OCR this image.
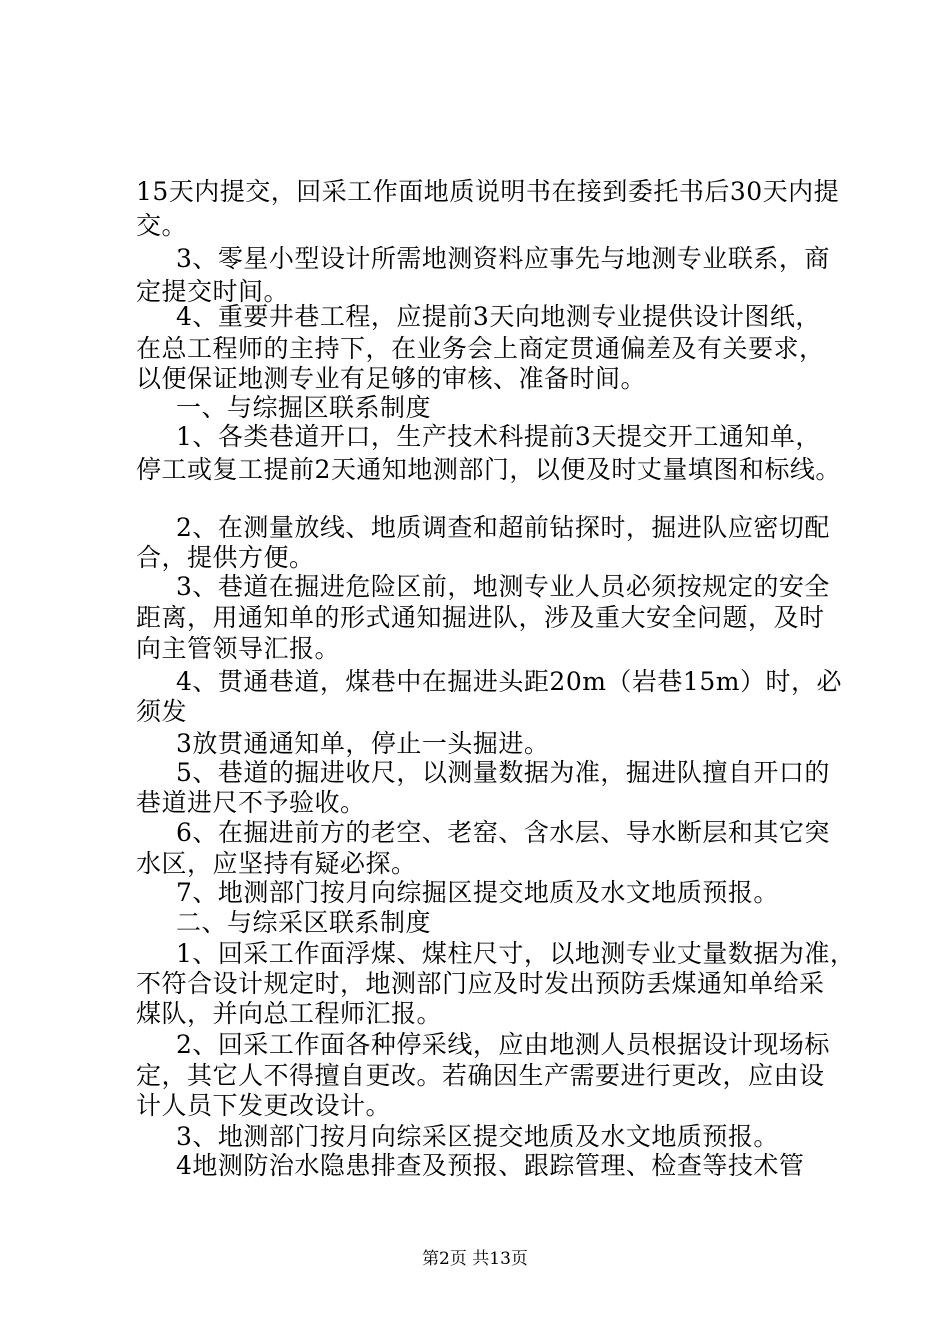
15天内提交，回采工作面地质说明书在接到委托书后30天内提
交。
3、零星小型设计所需地测资料应事先与地测专业联系，商
定提交时间。
4、重要井巷工程，应提前3天向地测专业提供设计图纸，
在总工程师的主持下，在业务会上商定贯通偏差及有关要求，
以便保证地测专业有足够的审核、准备时间。
一、与综掘区联系制度
1、各类巷道开口，生产技术科提前3天提交开工通知单，
停工或复工提前2天通知地测部门，以便及时丈量填图和标线。
2、在测量放线、地质调查和超前钻探时，掘进队应密切配
合，提供方便。
3、巷道在掘进危险区前，地测专业人员必须按规定的安全
距离，用通知单的形式通知掘进队，涉及重大安全问题，及时
向主管领导汇报。
4、贯通巷道，煤巷中在掘进头距20m（岩巷15m）时，必
须发
3放贯通通知单，停止一头掘进。
5、巷道的掘进收尺，以测量数据为准，掘进队擅自开口的
巷道进尺不予验收。
6、在掘进前方的老空、老窑、含水层、导水断层和其它突
水区，应坚持有疑必探。
7、地测部门按月向综掘区提交地质及水文地质预报。
二、与综采区联系制度
1、回采工作面浮煤、煤柱尺寸，以地测专业丈量数据为准，
不符合设计规定时，地测部门应及时发出预防丢煤通知单给采
煤队，并向总工程师汇报。
2、回采工作面各种停采线，应由地测人员根据设计现场标
定，其它人不得擅自更改。若确因生产需要进行更改，应由设
计人员下发更改设计。
3、地测部门按月向综采区提交地质及水文地质预报。
4地测防治水隐患排查及预报、跟踪管理、检查等技术管
第2页 共13页
